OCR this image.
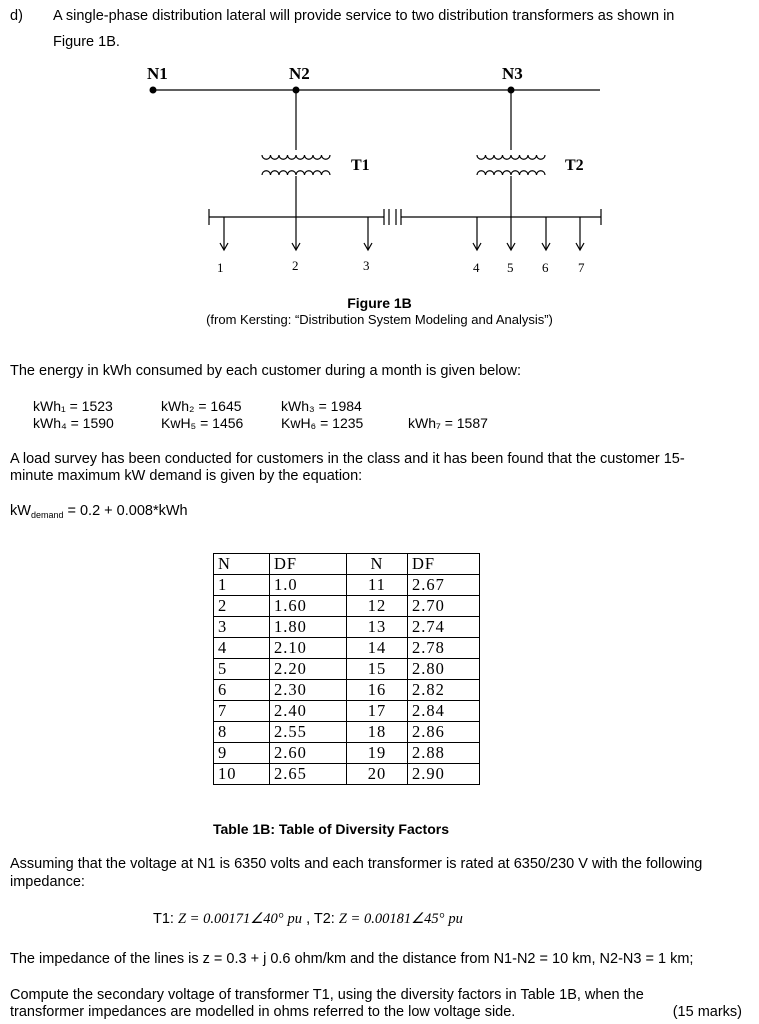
d) A single-phase distribution lateral will provide service to two distribution transformers as shown in
Figure 1B.
N1	N2	N3
T1	T2
1	2	3	4 5 6 7
Figure 1B
(from Kersting: “Distribution System Modeling and Analysis”)
The energy in kWh consumed by each customer during a month is given below:
kWh₁ = 1523	kWh₂ = 1645	kWh₃ = 1984
kWh₄ = 1590	KwH₅ = 1456	KwH₆ = 1235	kWh₇ = 1587
A load survey has been conducted for customers in the class and it has been found that the customer 15-
minute maximum kW demand is given by the equation:
$kW_{demand} = 0.2 + 0.008*kWh$
N	DF	N	DF
1	1.0	11	2.67
2	1.60	12	2.70
3	1.80	13	2.74
4	2.10	14	2.78
5	2.20	15	2.80
6	2.30	16	2.82
7	2.40	17	2.84
8	2.55	18	2.86
9	2.60	19	2.88
10	2.65	20	2.90
Table 1B: Table of Diversity Factors
Assuming that the voltage at N1 is 6350 volts and each transformer is rated at 6350/230 V with the following
impedance:
T1: Z = 0.00171∠40° pu , T2: Z = 0.00181∠45° pu
The impedance of the lines is z = 0.3 + j 0.6 ohm/km and the distance from N1-N2 = 10 km, N2-N3 = 1 km;
Compute the secondary voltage of transformer T1, using the diversity factors in Table 1B, when the
transformer impedances are modelled in ohms referred to the low voltage side.	(15 marks)
